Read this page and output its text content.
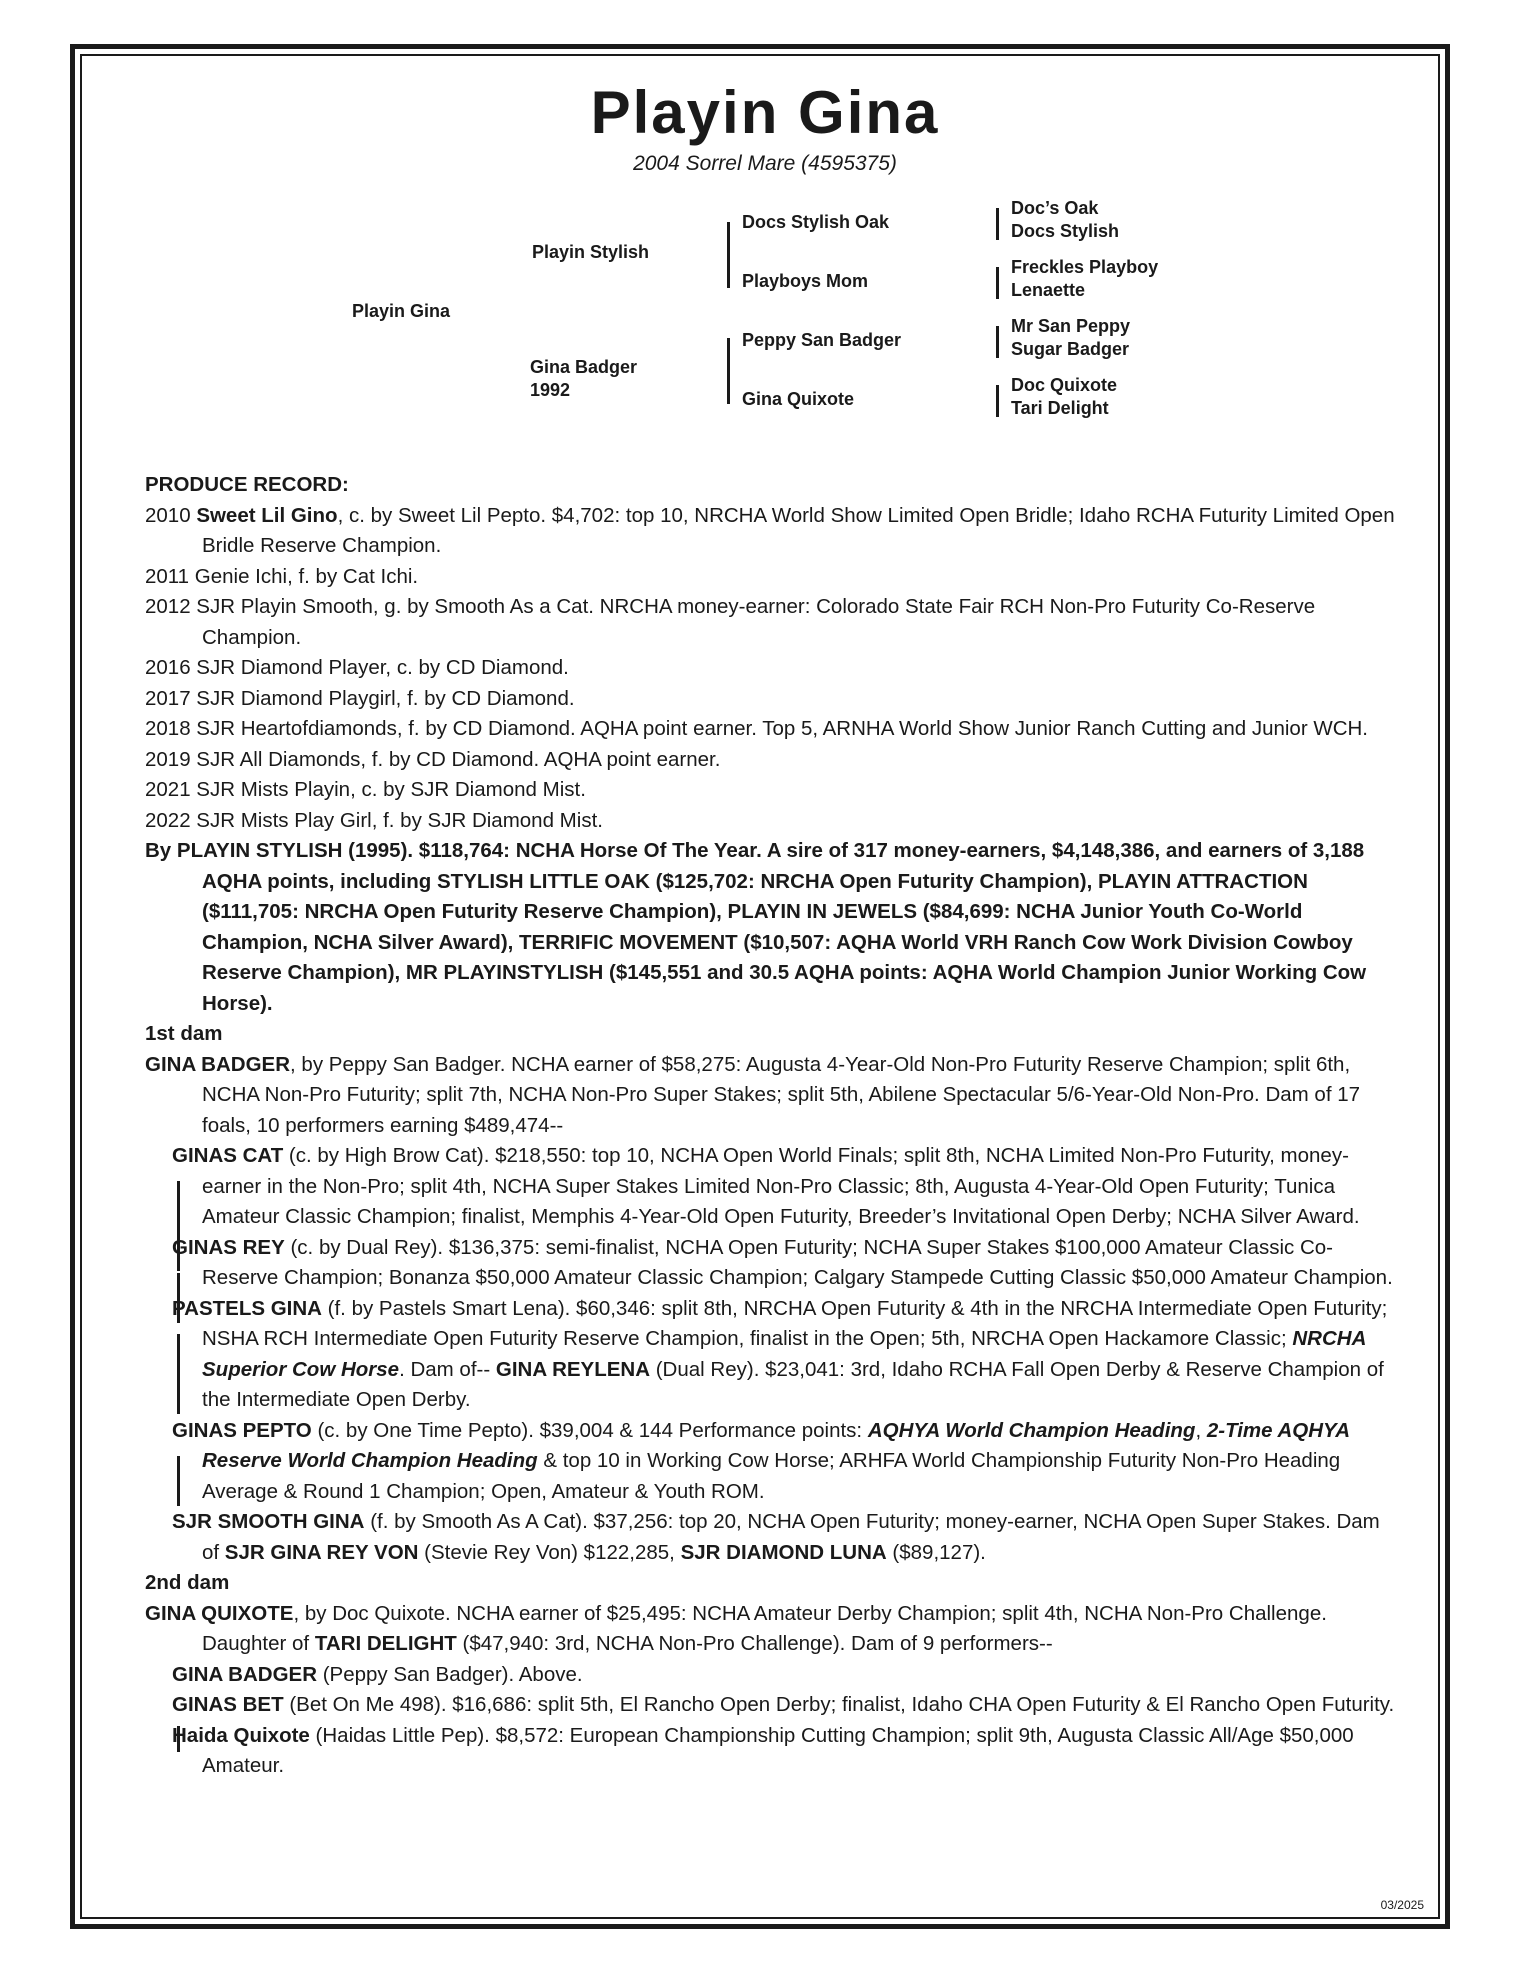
Playin Gina

2004 Sorrel Mare (4595375)

Playin Gina
Playin Stylish
Gina Badger
1992
Docs Stylish Oak
Playboys Mom
Peppy San Badger
Gina Quixote
Doc’s Oak
Docs Stylish
Freckles Playboy
Lenaette
Mr San Peppy
Sugar Badger
Doc Quixote
Tari Delight

PRODUCE RECORD:

2010 Sweet Lil Gino, c. by Sweet Lil Pepto. $4,702: top 10, NRCHA World Show Limited Open Bridle; Idaho RCHA Futurity Limited Open Bridle Reserve Champion.

2011 Genie Ichi, f. by Cat Ichi.

2012 SJR Playin Smooth, g. by Smooth As a Cat. NRCHA money-earner: Colorado State Fair RCH Non-Pro Futurity Co-Reserve Champion.

2016 SJR Diamond Player, c. by CD Diamond.

2017 SJR Diamond Playgirl, f. by CD Diamond.

2018 SJR Heartofdiamonds, f. by CD Diamond. AQHA point earner. Top 5, ARNHA World Show Junior Ranch Cutting and Junior WCH.

2019 SJR All Diamonds, f. by CD Diamond. AQHA point earner.

2021 SJR Mists Playin, c. by SJR Diamond Mist.

2022 SJR Mists Play Girl, f. by SJR Diamond Mist.

By PLAYIN STYLISH (1995). $118,764: NCHA Horse Of The Year. A sire of 317 money-earners, $4,148,386, and earners of 3,188 AQHA points, including STYLISH LITTLE OAK ($125,702: NRCHA Open Futurity Champion), PLAYIN ATTRACTION ($111,705: NRCHA Open Futurity Reserve Champion), PLAYIN IN JEWELS ($84,699: NCHA Junior Youth Co-World Champion, NCHA Silver Award), TERRIFIC MOVEMENT ($10,507: AQHA World VRH Ranch Cow Work Division Cowboy Reserve Champion), MR PLAYINSTYLISH ($145,551 and 30.5 AQHA points: AQHA World Champion Junior Working Cow Horse).

1st dam

GINA BADGER, by Peppy San Badger. NCHA earner of $58,275: Augusta 4-Year-Old Non-Pro Futurity Reserve Champion; split 6th, NCHA Non-Pro Futurity; split 7th, NCHA Non-Pro Super Stakes; split 5th, Abilene Spectacular 5/6-Year-Old Non-Pro. Dam of 17 foals, 10 performers earning $489,474--

GINAS CAT (c. by High Brow Cat). $218,550: top 10, NCHA Open World Finals; split 8th, NCHA Limited Non-Pro Futurity, money-earner in the Non-Pro; split 4th, NCHA Super Stakes Limited Non-Pro Classic; 8th, Augusta 4-Year-Old Open Futurity; Tunica Amateur Classic Champion; finalist, Memphis 4-Year-Old Open Futurity, Breeder’s Invitational Open Derby; NCHA Silver Award.

GINAS REY (c. by Dual Rey). $136,375: semi-finalist, NCHA Open Futurity; NCHA Super Stakes $100,000 Amateur Classic Co-Reserve Champion; Bonanza $50,000 Amateur Classic Champion; Calgary Stampede Cutting Classic $50,000 Amateur Champion.

PASTELS GINA (f. by Pastels Smart Lena). $60,346: split 8th, NRCHA Open Futurity & 4th in the NRCHA Intermediate Open Futurity; NSHA RCH Intermediate Open Futurity Reserve Champion, finalist in the Open; 5th, NRCHA Open Hackamore Classic; NRCHA Superior Cow Horse. Dam of-- GINA REYLENA (Dual Rey). $23,041: 3rd, Idaho RCHA Fall Open Derby & Reserve Champion of the Intermediate Open Derby.

GINAS PEPTO (c. by One Time Pepto). $39,004 & 144 Performance points: AQHYA World Champion Heading, 2-Time AQHYA Reserve World Champion Heading & top 10 in Working Cow Horse; ARHFA World Championship Futurity Non-Pro Heading Average & Round 1 Champion; Open, Amateur & Youth ROM.

SJR SMOOTH GINA (f. by Smooth As A Cat). $37,256: top 20, NCHA Open Futurity; money-earner, NCHA Open Super Stakes. Dam of SJR GINA REY VON (Stevie Rey Von) $122,285, SJR DIAMOND LUNA ($89,127).

2nd dam

GINA QUIXOTE, by Doc Quixote. NCHA earner of $25,495: NCHA Amateur Derby Champion; split 4th, NCHA Non-Pro Challenge. Daughter of TARI DELIGHT ($47,940: 3rd, NCHA Non-Pro Challenge). Dam of 9 performers--

GINA BADGER (Peppy San Badger). Above.

GINAS BET (Bet On Me 498). $16,686: split 5th, El Rancho Open Derby; finalist, Idaho CHA Open Futurity & El Rancho Open Futurity.

Haida Quixote (Haidas Little Pep). $8,572: European Championship Cutting Champion; split 9th, Augusta Classic All/Age $50,000 Amateur.

03/2025
